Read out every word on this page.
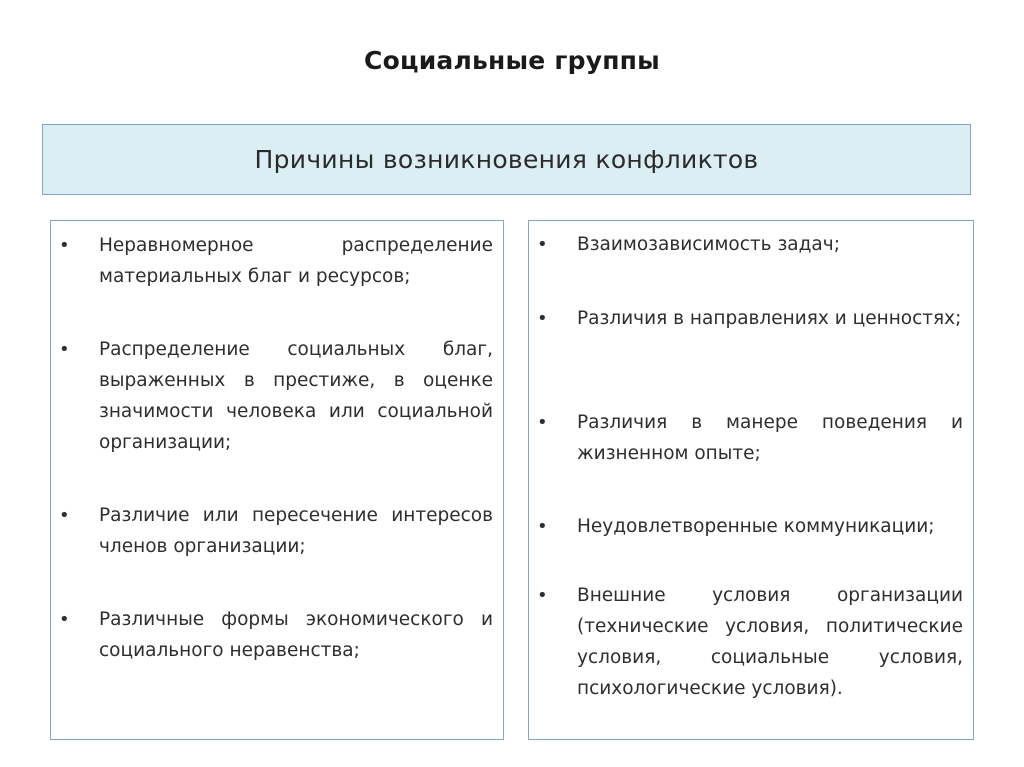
Социальные группы
Причины возникновения конфликтов
•	Неравномерное распределение материальных благ и ресурсов;
•	Распределение социальных благ, выраженных в престиже, в оценке значимости человека или социальной организации;
•	Различие или пересечение интересов членов организации;
•	Различные формы экономического и социального неравенства;
•	Взаимозависимость задач;
•	Различия в направлениях и ценностях;
•	Различия в манере поведения и жизненном опыте;
•	Неудовлетворенные коммуникации;
•	Внешние условия организации (технические условия, политические условия, социальные условия, психологические условия).
